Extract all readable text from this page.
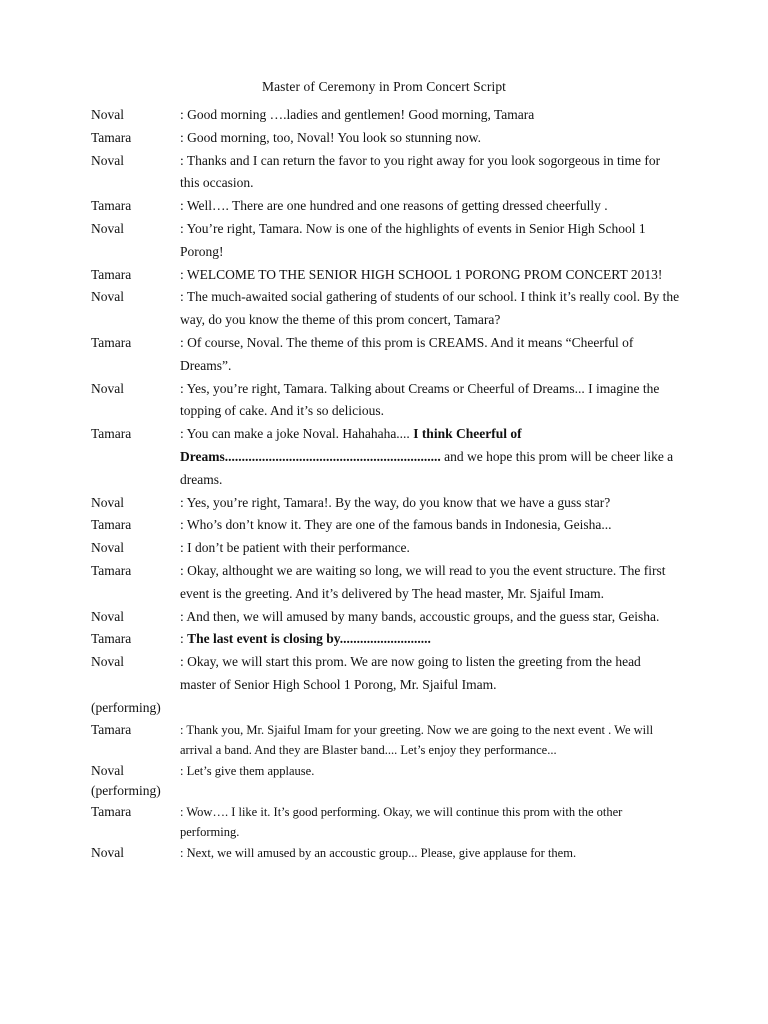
Master of Ceremony in Prom Concert Script
Noval	: Good morning ….ladies and gentlemen! Good morning, Tamara
Tamara	: Good morning, too, Noval! You look so stunning now.
Noval	: Thanks and I can return the favor to you right away for you look sogorgeous in time for this occasion.
Tamara	: Well…. There are one hundred and one reasons of getting dressed cheerfully .
Noval	: You’re right, Tamara. Now is one of the highlights of events in Senior High School 1 Porong!
Tamara	: WELCOME TO THE SENIOR HIGH SCHOOL 1 PORONG PROM CONCERT 2013!
Noval	: The much-awaited social gathering of students of our school. I think it’s really cool. By the way, do you know the theme of this prom concert, Tamara?
Tamara	: Of course, Noval. The theme of this prom is CREAMS. And it means “Cheerful of Dreams”.
Noval	: Yes, you’re right, Tamara. Talking about Creams or Cheerful of Dreams... I imagine the topping of cake. And it’s so delicious.
Tamara	: You can make a joke Noval. Hahahaha.... I think Cheerful of Dreams................................................................ and we hope this prom will be cheer like a dreams.
Noval	: Yes, you’re right, Tamara!. By the way, do you know that we have a guss star?
Tamara	: Who’s don’t know it. They are one of the famous bands in Indonesia, Geisha...
Noval	: I don’t be patient with their performance.
Tamara	: Okay, althought we are waiting so long, we will read to you the event structure. The first event is the greeting. And it’s delivered by The head master, Mr. Sjaiful Imam.
Noval	: And then, we will amused by many bands, accoustic groups, and the guess star, Geisha.
Tamara	: The last event is closing by...........................
Noval	: Okay, we will start this prom. We are now going to listen the greeting from the head master of Senior High School 1 Porong, Mr. Sjaiful Imam.
(performing)
Tamara	: Thank you, Mr. Sjaiful Imam for your greeting. Now we are going to the next event . We will arrival a band. And they are Blaster band.... Let’s enjoy they performance...
Noval	: Let’s give them applause.
(performing)
Tamara	: Wow…. I like it. It’s good performing. Okay, we will continue this prom with the other performing.
Noval	: Next, we will amused by an accoustic group... Please, give applause for them.
